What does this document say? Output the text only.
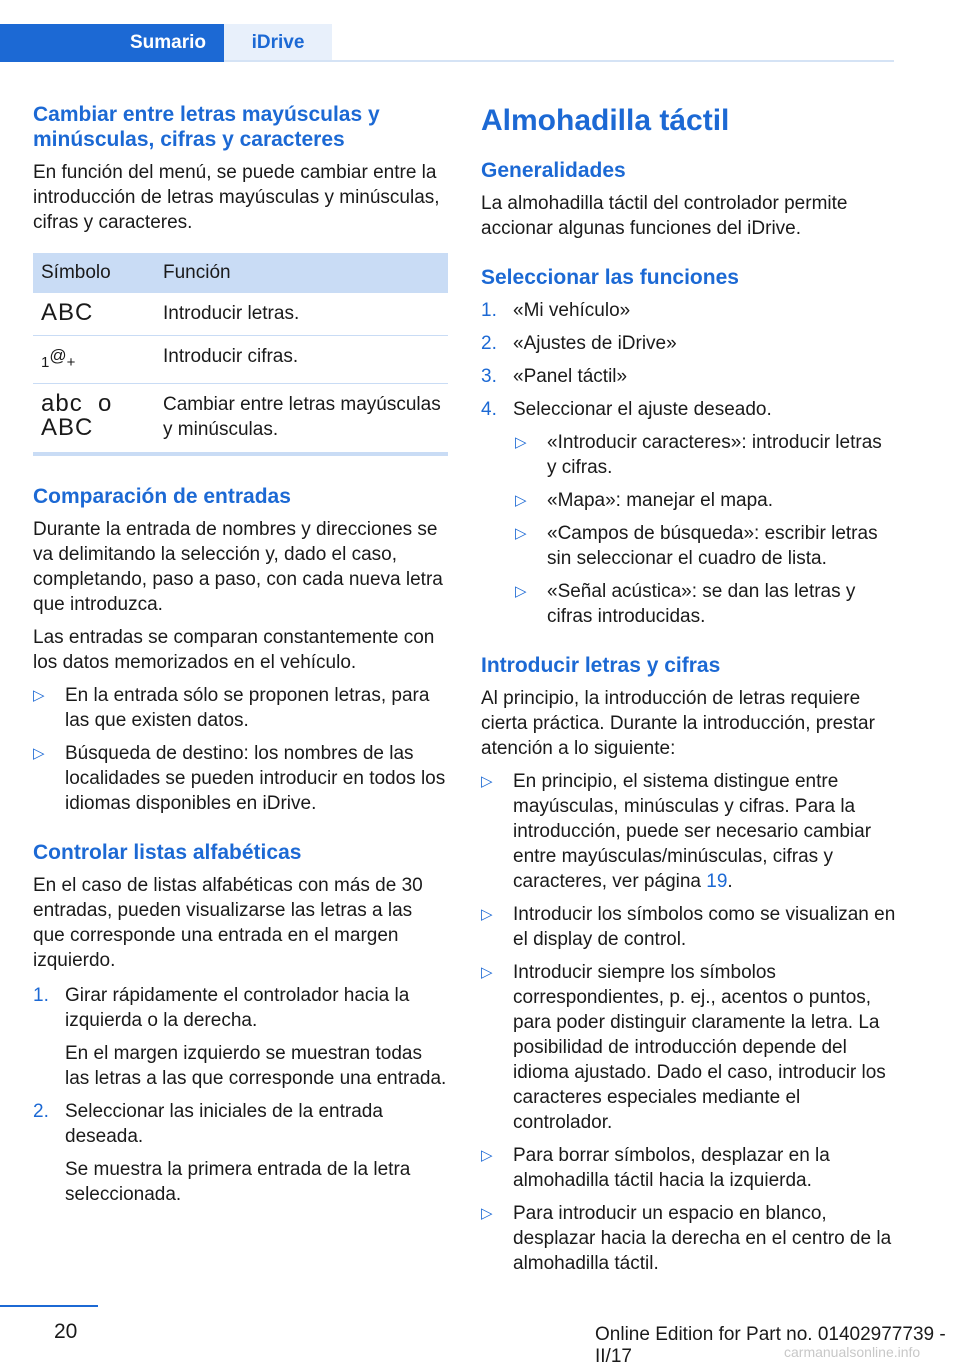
Sumario	iDrive
Cambiar entre letras mayúsculas y minúsculas, cifras y caracteres

En función del menú, se puede cambiar entre la introducción de letras mayúsculas y minúsculas, cifras y caracteres.

Símbolo	Función
ABC	Introducir letras.
1@+	Introducir cifras.

abc  o
ABC	Cambiar entre letras mayúsculas y minúsculas.
Comparación de entradas

Durante la entrada de nombres y direcciones se va delimitando la selección y, dado el caso, completando, paso a paso, con cada nueva letra que introduzca.

Las entradas se comparan constantemente con los datos memorizados en el vehículo.

▷ En la entrada sólo se proponen letras, para las que existen datos.
▷ Búsqueda de destino: los nombres de las localidades se pueden introducir en todos los idiomas disponibles en iDrive.
Controlar listas alfabéticas

En el caso de listas alfabéticas con más de 30 entradas, pueden visualizarse las letras a las que corresponde una entrada en el margen izquierdo.

1. Girar rápidamente el controlador hacia la izquierda o la derecha.

En el margen izquierdo se muestran todas las letras a las que corresponde una entrada.

2. Seleccionar las iniciales de la entrada deseada.

Se muestra la primera entrada de la letra seleccionada.

Almohadilla táctil
Generalidades

La almohadilla táctil del controlador permite accionar algunas funciones del iDrive.

Seleccionar las funciones
1. «Mi vehículo»
2. «Ajustes de iDrive»
3. «Panel táctil»
4. Seleccionar el ajuste deseado.
▷ «Introducir caracteres»: introducir letras y cifras.
▷ «Mapa»: manejar el mapa.
▷ «Campos de búsqueda»: escribir letras sin seleccionar el cuadro de lista.
▷ «Señal acústica»: se dan las letras y cifras introducidas.
Introducir letras y cifras

Al principio, la introducción de letras requiere cierta práctica. Durante la introducción, prestar atención a lo siguiente:

▷ En principio, el sistema distingue entre mayúsculas, minúsculas y cifras. Para la introducción, puede ser necesario cambiar entre mayúsculas/minúsculas, cifras y caracteres, ver página 19.
▷ Introducir los símbolos como se visualizan en el display de control.
▷ Introducir siempre los símbolos correspondientes, p. ej., acentos o puntos, para poder distinguir claramente la letra. La posibilidad de introducción depende del idioma ajustado. Dado el caso, introducir los caracteres especiales mediante el controlador.
▷ Para borrar símbolos, desplazar en la almohadilla táctil hacia la izquierda.
▷ Para introducir un espacio en blanco, desplazar hacia la derecha en el centro de la almohadilla táctil.
20	Online Edition for Part no. 01402977739 - II/17	carmanualsonline.info
